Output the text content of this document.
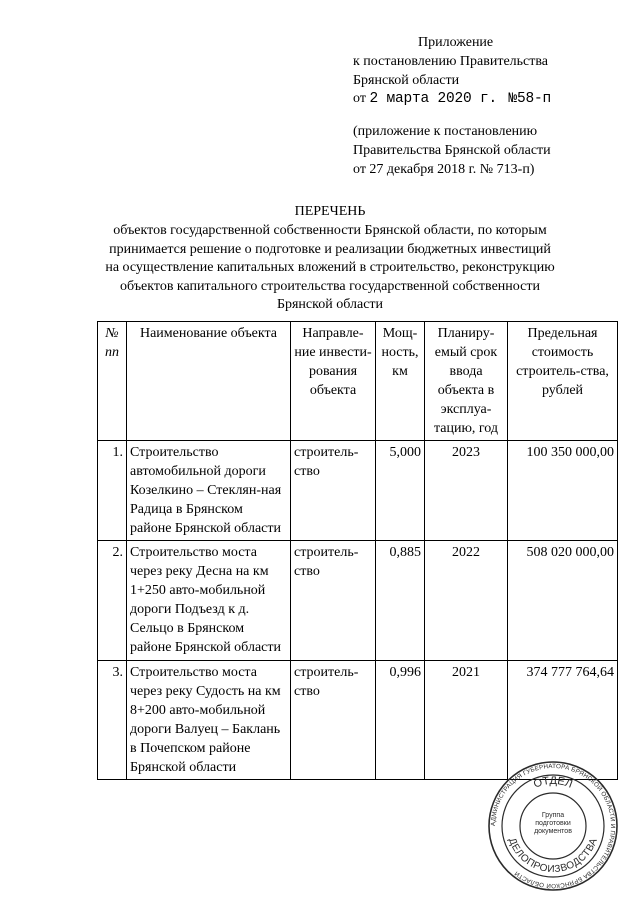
Приложение
к постановлению Правительства
Брянской области
от 2 марта 2020 г. №58-п
(приложение к постановлению
Правительства Брянской области
от 27 декабря 2018 г. № 713-п)
ПЕРЕЧЕНЬ
объектов государственной собственности Брянской области, по которым
принимается решение о подготовке и реализации бюджетных инвестиций
на осуществление капитальных вложений в строительство, реконструкцию
объектов капитального строительства государственной собственности
Брянской области
№ пп	Наименование объекта	Направле-ние инвести-рования объекта	Мощ-ность, км	Планиру-емый срок ввода объекта в эксплуа-тацию, год	Предельная стоимость строитель-ства, рублей
1.	Строительство автомобильной дороги Козелкино – Стеклян-ная Радица в Брянском районе Брянской области	строитель-ство	5,000	2023	100 350 000,00
2.	Строительство моста через реку Десна на км 1+250 авто-мобильной дороги Подъезд к д. Сельцо в Брянском районе Брянской области	строитель-ство	0,885	2022	508 020 000,00
3.	Строительство моста через реку Судость на км 8+200 авто-мобильной дороги Валуец – Баклань в Почепском районе Брянской области	строитель-ство	0,996	2021	374 777 764,64
АДМИНИСТРАЦИЯ ГУБЕРНАТОРА БРЯНСКОЙ ОБЛАСТИ И ПРАВИТЕЛЬСТВА БРЯНСКОЙ ОБЛАСТИ
ОТДЕЛ
ДЕЛОПРОИЗВОДСТВА
Группа подготовки документов
